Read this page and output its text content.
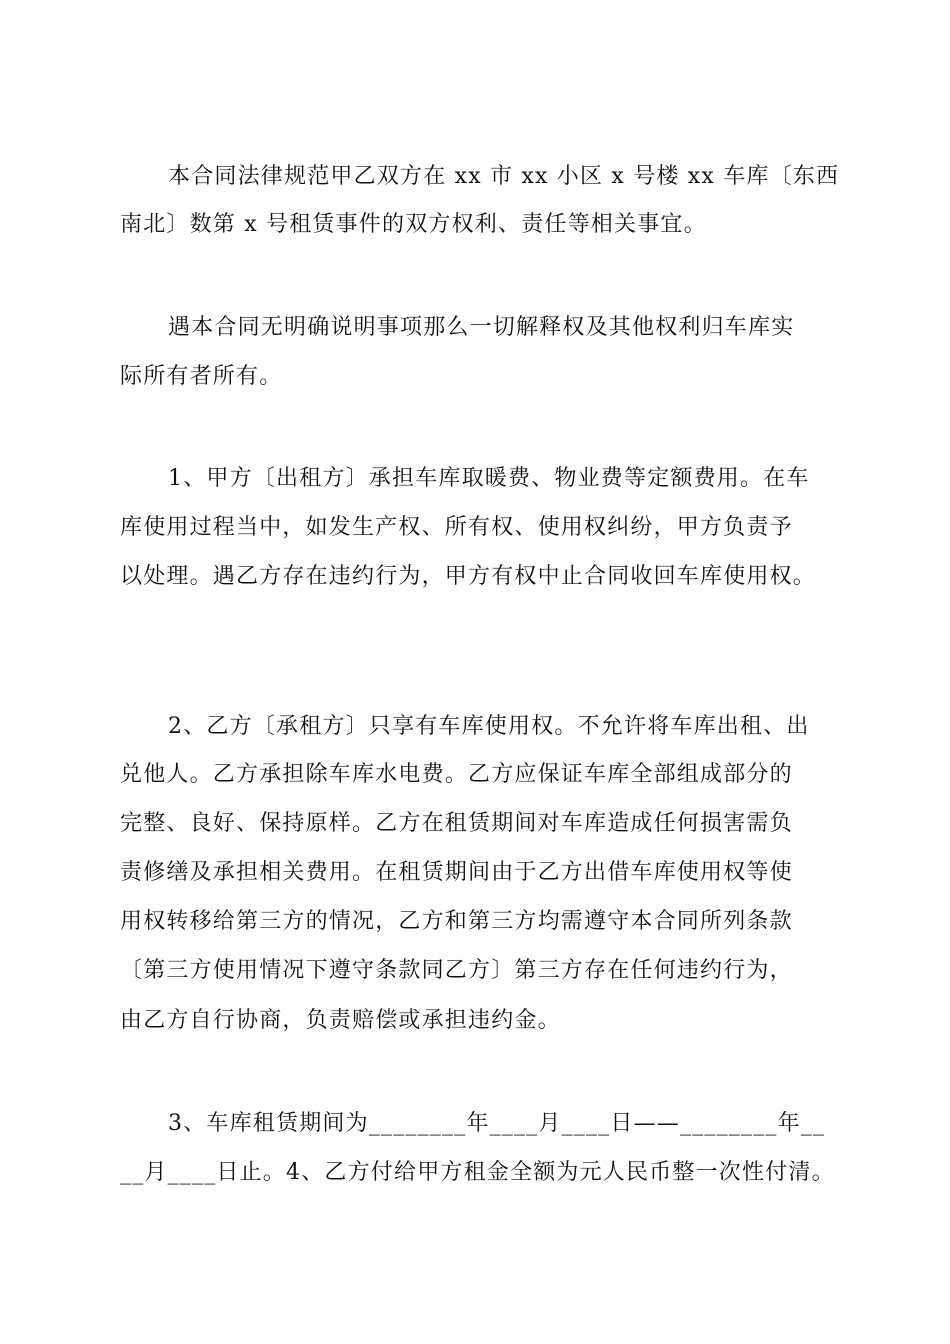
本合同法律规范甲乙双方在 xx 市 xx 小区 x 号楼 xx 车库〔东西
南北〕数第 x 号租赁事件的双方权利、责任等相关事宜。
遇本合同无明确说明事项那么一切解释权及其他权利归车库实
际所有者所有。
1、甲方〔出租方〕承担车库取暖费、物业费等定额费用。在车
库使用过程当中，如发生产权、所有权、使用权纠纷，甲方负责予
以处理。遇乙方存在违约行为，甲方有权中止合同收回车库使用权。
2、乙方〔承租方〕只享有车库使用权。不允许将车库出租、出
兑他人。乙方承担除车库水电费。乙方应保证车库全部组成部分的
完整、良好、保持原样。乙方在租赁期间对车库造成任何损害需负
责修缮及承担相关费用。在租赁期间由于乙方出借车库使用权等使
用权转移给第三方的情况，乙方和第三方均需遵守本合同所列条款
〔第三方使用情况下遵守条款同乙方〕第三方存在任何违约行为，
由乙方自行协商，负责赔偿或承担违约金。
3、车库租赁期间为________年____月____日——________年__
__月____日止。4、乙方付给甲方租金全额为元人民币整一次性付清。
